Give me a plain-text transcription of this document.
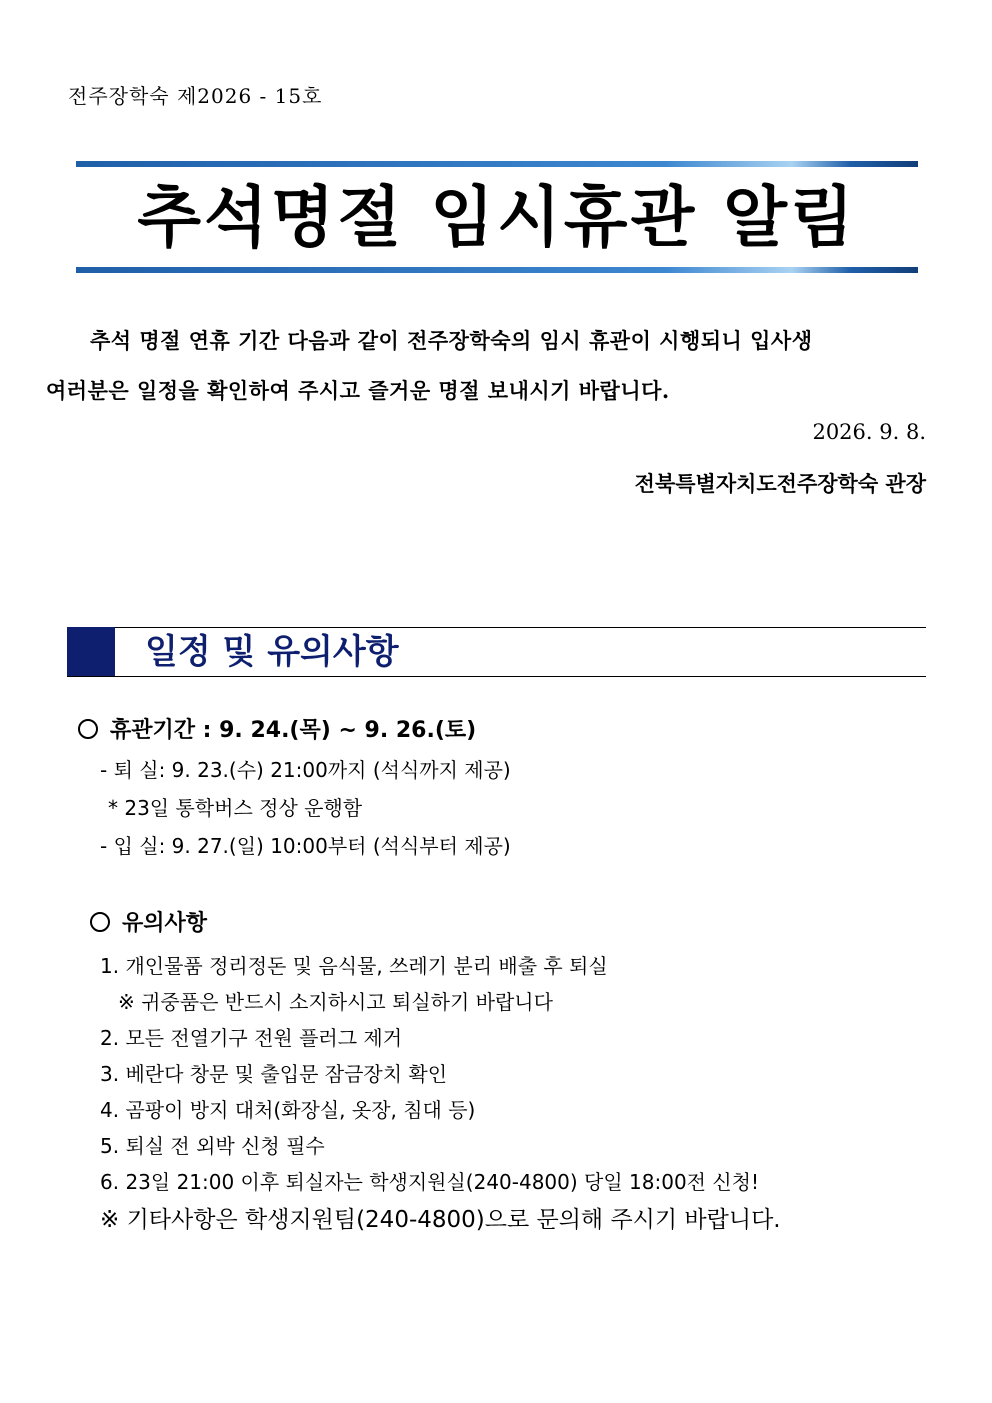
전주장학숙 제2026 - 15호
추석명절 임시휴관 알림

추석 명절 연휴 기간 다음과 같이 전주장학숙의 임시 휴관이 시행되니 입사생
여러분은 일정을 확인하여 주시고 즐거운 명절 보내시기 바랍니다.

2026. 9. 8.
전북특별자치도전주장학숙 관장
일정 및 유의사항
휴관기간 : 9. 24.(목) ~ 9. 26.(토)
- 퇴 실: 9. 23.(수) 21:00까지 (석식까지 제공)
* 23일 통학버스 정상 운행함
- 입 실: 9. 27.(일) 10:00부터 (석식부터 제공)
유의사항
1. 개인물품 정리정돈 및 음식물, 쓰레기 분리 배출 후 퇴실
※ 귀중품은 반드시 소지하시고 퇴실하기 바랍니다
2. 모든 전열기구 전원 플러그 제거
3. 베란다 창문 및 출입문 잠금장치 확인
4. 곰팡이 방지 대처(화장실, 옷장, 침대 등)
5. 퇴실 전 외박 신청 필수
6. 23일 21:00 이후 퇴실자는 학생지원실(240-4800) 당일 18:00전 신청!
※ 기타사항은 학생지원팀(240-4800)으로 문의해 주시기 바랍니다.
